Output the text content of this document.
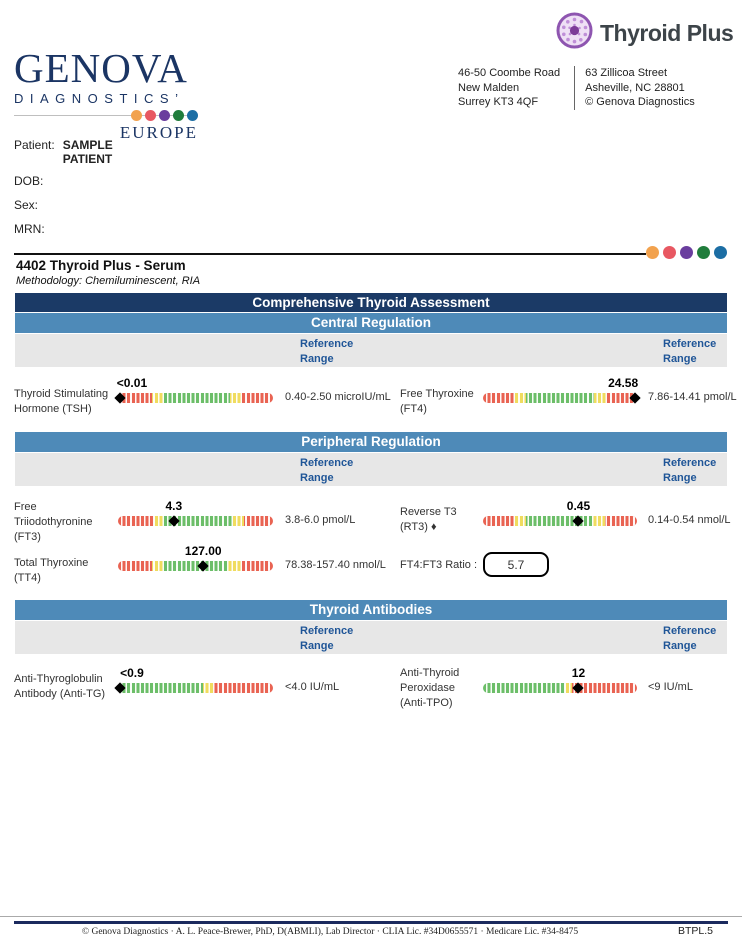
Thyroid Plus
46-50 Coombe Road
New Malden
Surrey KT3 4QF
63 Zillicoa Street
Asheville, NC 28801
© Genova Diagnostics
GENOVA
DIAGNOSTICS’
EUROPE
Patient: SAMPLE
PATIENT
DOB:
Sex:
MRN:
4402 Thyroid Plus - Serum
Methodology: Chemiluminescent, RIA
Comprehensive Thyroid Assessment
Central Regulation
Reference
Range
Reference
Range
Thyroid Stimulating
Hormone (TSH)
<0.01
0.40-2.50 microIU/mL Free Thyroxine
(FT4)
24.58
7.86-14.41 pmol/L
Peripheral Regulation
Reference
Range
Reference
Range
Free
Triiodothyronine
(FT3)
4.3
3.8-6.0 pmol/L
Reverse T3
(RT3) ♦
0.45
0.14-0.54 nmol/L
Total Thyroxine
(TT4)
127.00
78.38-157.40 nmol/L FT4:FT3 Ratio :	5.7
Thyroid Antibodies
Reference
Range
Reference
Range
Anti-Thyroglobulin
Antibody (Anti-TG)
<0.9
<4.0 IU/mL
Anti-Thyroid
Peroxidase
(Anti-TPO)
12
<9 IU/mL
© Genova Diagnostics · A. L. Peace-Brewer, PhD, D(ABMLI), Lab Director · CLIA Lic. #34D0655571 · Medicare Lic. #34-8475	BTPL.5
